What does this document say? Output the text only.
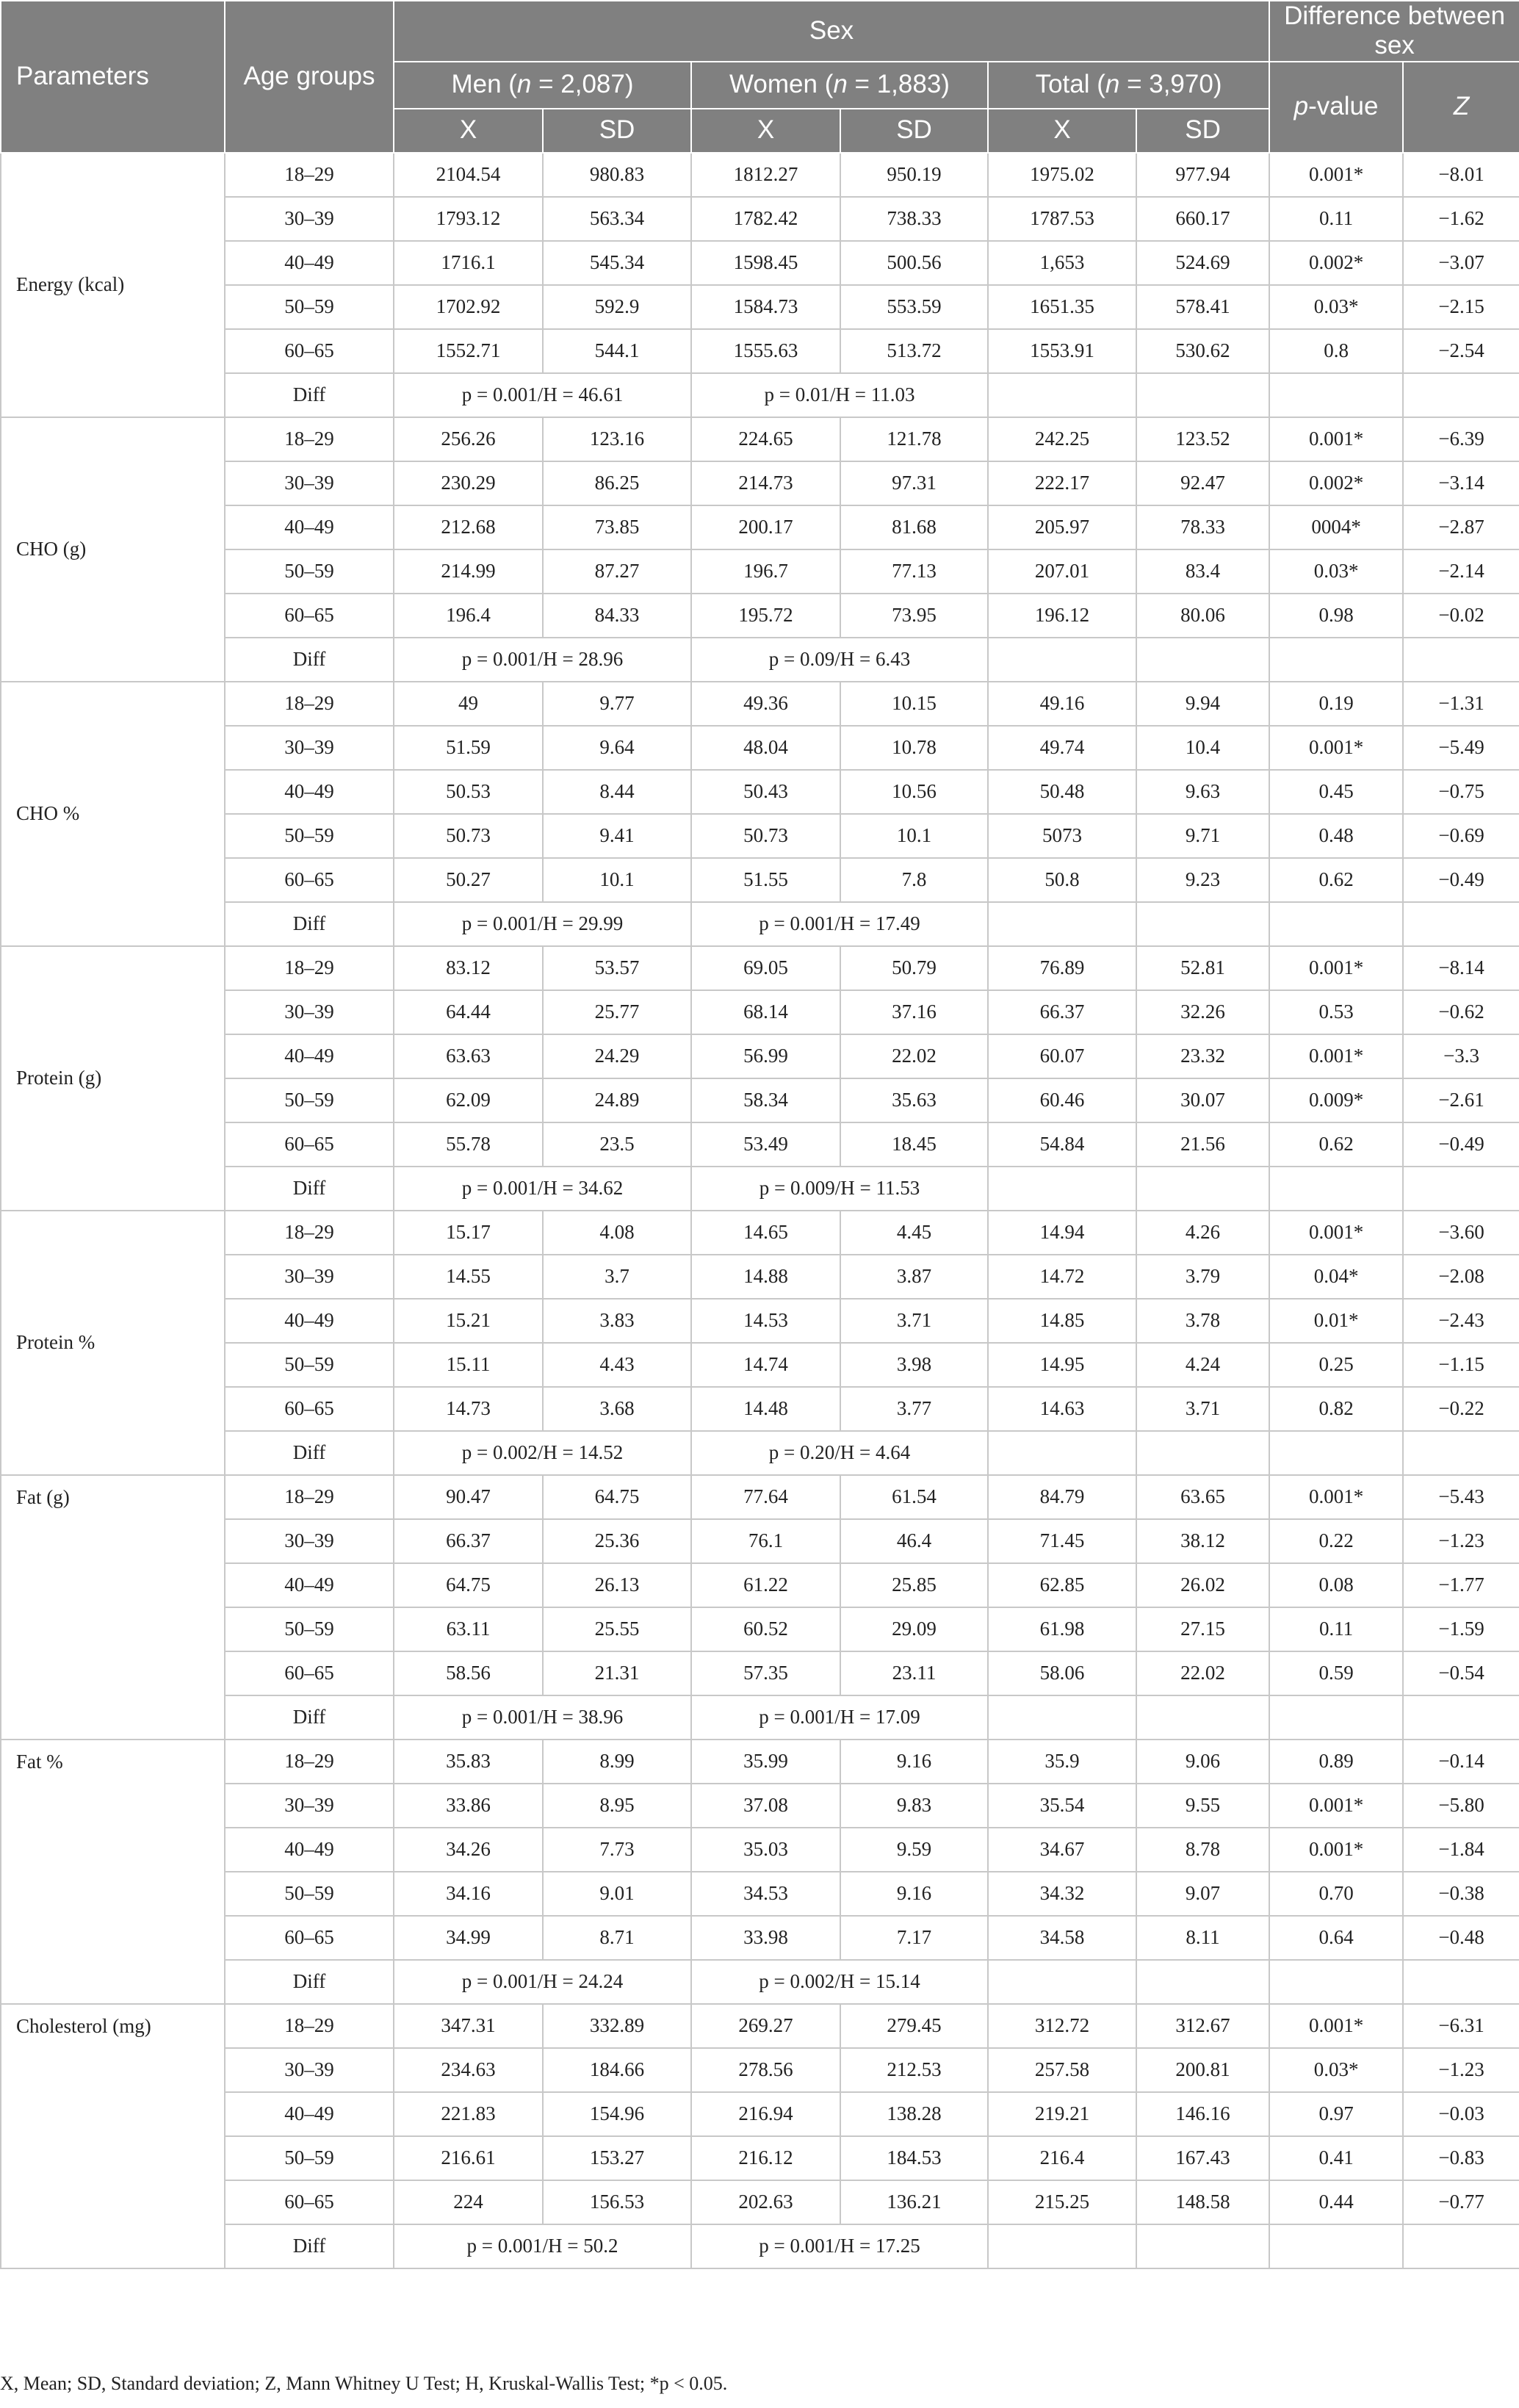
Parameters	Age groups	Sex						Difference between sex	
		Men (n = 2,087)		Women (n = 1,883)		Total (n = 3,970)		p-value	Z
		X	SD	X	SD	X	SD		
Energy (kcal)	18–29	2104.54	980.83	1812.27	950.19	1975.02	977.94	0.001*	−8.01
	30–39	1793.12	563.34	1782.42	738.33	1787.53	660.17	0.11	−1.62
	40–49	1716.1	545.34	1598.45	500.56	1,653	524.69	0.002*	−3.07
	50–59	1702.92	592.9	1584.73	553.59	1651.35	578.41	0.03*	−2.15
	60–65	1552.71	544.1	1555.63	513.72	1553.91	530.62	0.8	−2.54
	Diff	p = 0.001/H = 46.61		p = 0.01/H = 11.03					
CHO (g)	18–29	256.26	123.16	224.65	121.78	242.25	123.52	0.001*	−6.39
	30–39	230.29	86.25	214.73	97.31	222.17	92.47	0.002*	−3.14
	40–49	212.68	73.85	200.17	81.68	205.97	78.33	0004*	−2.87
	50–59	214.99	87.27	196.7	77.13	207.01	83.4	0.03*	−2.14
	60–65	196.4	84.33	195.72	73.95	196.12	80.06	0.98	−0.02
	Diff	p = 0.001/H = 28.96		p = 0.09/H = 6.43					
CHO %	18–29	49	9.77	49.36	10.15	49.16	9.94	0.19	−1.31
	30–39	51.59	9.64	48.04	10.78	49.74	10.4	0.001*	−5.49
	40–49	50.53	8.44	50.43	10.56	50.48	9.63	0.45	−0.75
	50–59	50.73	9.41	50.73	10.1	5073	9.71	0.48	−0.69
	60–65	50.27	10.1	51.55	7.8	50.8	9.23	0.62	−0.49
	Diff	p = 0.001/H = 29.99		p = 0.001/H = 17.49					
Protein (g)	18–29	83.12	53.57	69.05	50.79	76.89	52.81	0.001*	−8.14
	30–39	64.44	25.77	68.14	37.16	66.37	32.26	0.53	−0.62
	40–49	63.63	24.29	56.99	22.02	60.07	23.32	0.001*	−3.3
	50–59	62.09	24.89	58.34	35.63	60.46	30.07	0.009*	−2.61
	60–65	55.78	23.5	53.49	18.45	54.84	21.56	0.62	−0.49
	Diff	p = 0.001/H = 34.62		p = 0.009/H = 11.53					
Protein %	18–29	15.17	4.08	14.65	4.45	14.94	4.26	0.001*	−3.60
	30–39	14.55	3.7	14.88	3.87	14.72	3.79	0.04*	−2.08
	40–49	15.21	3.83	14.53	3.71	14.85	3.78	0.01*	−2.43
	50–59	15.11	4.43	14.74	3.98	14.95	4.24	0.25	−1.15
	60–65	14.73	3.68	14.48	3.77	14.63	3.71	0.82	−0.22
	Diff	p = 0.002/H = 14.52		p = 0.20/H = 4.64					
Fat (g)	18–29	90.47	64.75	77.64	61.54	84.79	63.65	0.001*	−5.43
	30–39	66.37	25.36	76.1	46.4	71.45	38.12	0.22	−1.23
	40–49	64.75	26.13	61.22	25.85	62.85	26.02	0.08	−1.77
	50–59	63.11	25.55	60.52	29.09	61.98	27.15	0.11	−1.59
	60–65	58.56	21.31	57.35	23.11	58.06	22.02	0.59	−0.54
	Diff	p = 0.001/H = 38.96		p = 0.001/H = 17.09					
Fat %	18–29	35.83	8.99	35.99	9.16	35.9	9.06	0.89	−0.14
	30–39	33.86	8.95	37.08	9.83	35.54	9.55	0.001*	−5.80
	40–49	34.26	7.73	35.03	9.59	34.67	8.78	0.001*	−1.84
	50–59	34.16	9.01	34.53	9.16	34.32	9.07	0.70	−0.38
	60–65	34.99	8.71	33.98	7.17	34.58	8.11	0.64	−0.48
	Diff	p = 0.001/H = 24.24		p = 0.002/H = 15.14					
Cholesterol (mg)	18–29	347.31	332.89	269.27	279.45	312.72	312.67	0.001*	−6.31
	30–39	234.63	184.66	278.56	212.53	257.58	200.81	0.03*	−1.23
	40–49	221.83	154.96	216.94	138.28	219.21	146.16	0.97	−0.03
	50–59	216.61	153.27	216.12	184.53	216.4	167.43	0.41	−0.83
	60–65	224	156.53	202.63	136.21	215.25	148.58	0.44	−0.77
	Diff	p = 0.001/H = 50.2		p = 0.001/H = 17.25					
X, Mean; SD, Standard deviation; Z, Mann Whitney U Test; H, Kruskal-Wallis Test; *p < 0.05.
